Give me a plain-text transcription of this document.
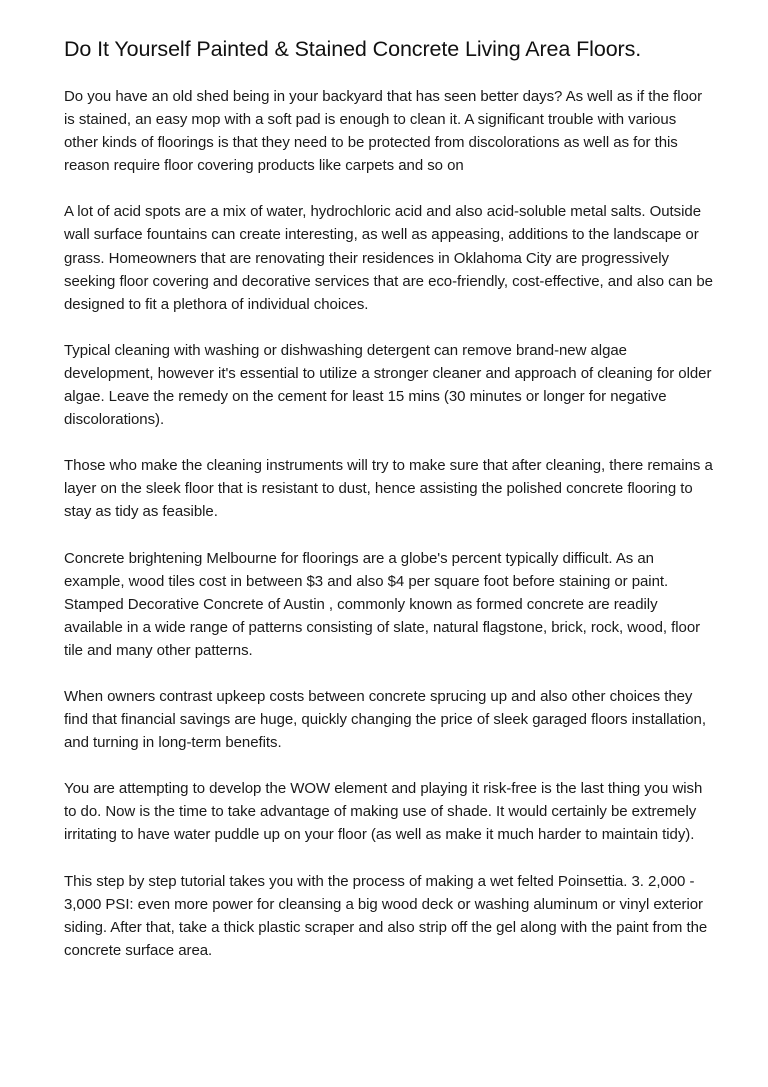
Do It Yourself Painted & Stained Concrete Living Area Floors.

Do you have an old shed being in your backyard that has seen better days? As well as if the floor is stained, an easy mop with a soft pad is enough to clean it. A significant trouble with various other kinds of floorings is that they need to be protected from discolorations as well as for this reason require floor covering products like carpets and so on

A lot of acid spots are a mix of water, hydrochloric acid and also acid-soluble metal salts. Outside wall surface fountains can create interesting, as well as appeasing, additions to the landscape or grass. Homeowners that are renovating their residences in Oklahoma City are progressively seeking floor covering and decorative services that are eco-friendly, cost-effective, and also can be designed to fit a plethora of individual choices.

Typical cleaning with washing or dishwashing detergent can remove brand-new algae development, however it's essential to utilize a stronger cleaner and approach of cleaning for older algae. Leave the remedy on the cement for least 15 mins (30 minutes or longer for negative discolorations).

Those who make the cleaning instruments will try to make sure that after cleaning, there remains a layer on the sleek floor that is resistant to dust, hence assisting the polished concrete flooring to stay as tidy as feasible.

Concrete brightening Melbourne for floorings are a globe's percent typically difficult. As an example, wood tiles cost in between $3 and also $4 per square foot before staining or paint. Stamped Decorative Concrete of Austin , commonly known as formed concrete are readily available in a wide range of patterns consisting of slate, natural flagstone, brick, rock, wood, floor tile and many other patterns.

When owners contrast upkeep costs between concrete sprucing up and also other choices they find that financial savings are huge, quickly changing the price of sleek garaged floors installation, and turning in long-term benefits.

You are attempting to develop the WOW element and playing it risk-free is the last thing you wish to do. Now is the time to take advantage of making use of shade. It would certainly be extremely irritating to have water puddle up on your floor (as well as make it much harder to maintain tidy).

This step by step tutorial takes you with the process of making a wet felted Poinsettia. 3. 2,000 - 3,000 PSI: even more power for cleansing a big wood deck or washing aluminum or vinyl exterior siding. After that, take a thick plastic scraper and also strip off the gel along with the paint from the concrete surface area.
